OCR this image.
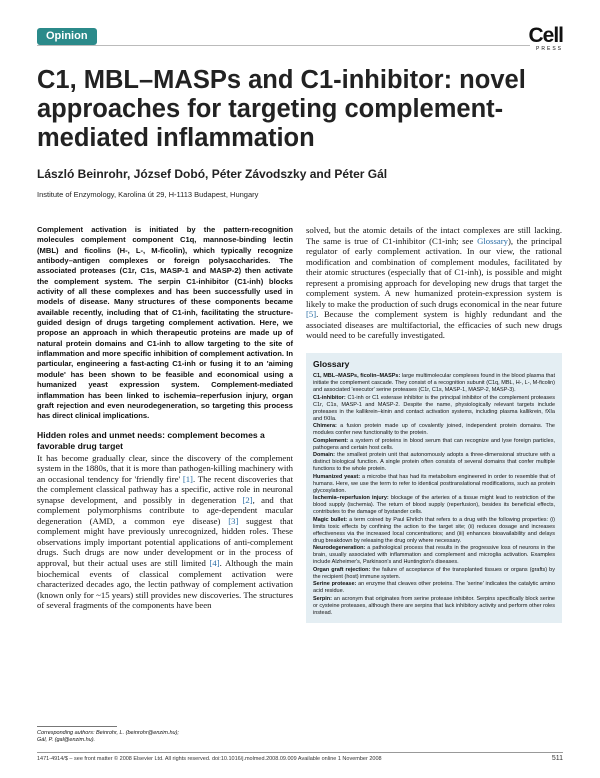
Opinion	Cell
PRESS
C1, MBL–MASPs and C1-inhibitor: novel approaches for targeting complement-mediated inflammation
László Beinrohr, József Dobó, Péter Závodszky and Péter Gál
Institute of Enzymology, Karolina út 29, H-1113 Budapest, Hungary

Complement activation is initiated by the pattern-recognition molecules complement component C1q, mannose-binding lectin (MBL) and ficolins (H-, L-, M-ficolin), which typically recognize antibody–antigen complexes or foreign polysaccharides. The associated proteases (C1r, C1s, MASP-1 and MASP-2) then activate the complement system. The serpin C1-inhibitor (C1-inh) blocks activity of all these complexes and has been successfully used in models of disease. Many structures of these components became available recently, including that of C1-inh, facilitating the structure-guided design of drugs targeting complement activation. Here, we propose an approach in which therapeutic proteins are made up of natural protein domains and C1-inh to allow targeting to the site of inflammation and more specific inhibition of complement activation. In particular, engineering a fast-acting C1-inh or fusing it to an 'aiming module' has been shown to be feasible and economical using a humanized yeast expression system. Complement-mediated inflammation has been linked to ischemia–reperfusion injury, organ graft rejection and even neurodegeneration, so targeting this process has direct clinical implications.

Hidden roles and unmet needs: complement becomes a favorable drug target

It has become gradually clear, since the discovery of the complement system in the 1880s, that it is more than pathogen-killing machinery with an occasional tendency for 'friendly fire' [1]. The recent discoveries that the complement classical pathway has a specific, active role in neuronal synapse development, and possibly in degeneration [2], and that complement polymorphisms contribute to age-dependent macular degeneration (AMD, a common eye disease) [3] suggest that complement might have previously unrecognized, hidden roles. These observations imply important potential applications of anti-complement drugs. Such drugs are now under development or in the process of approval, but their actual uses are still limited [4]. Although the main biochemical events of classical complement activation were characterized decades ago, the lectin pathway of complement activation (known only for ~15 years) still provides new discoveries. The structures of several fragments of the components have been

solved, but the atomic details of the intact complexes are still lacking. The same is true of C1-inhibitor (C1-inh; see Glossary), the principal regulator of early complement activation. In our view, the rational modification and combination of complement modules, facilitated by their atomic structures (especially that of C1-inh), is possible and might represent a promising approach for developing new drugs that target the complement system. A new humanized protein-expression system is likely to make the production of such drugs economical in the near future [5]. Because the complement system is highly redundant and the associated diseases are multifactorial, the efficacies of such new drugs would need to be carefully investigated.

Glossary

C1, MBL–MASPs, ficolin–MASPs: large multimolecular complexes found in the blood plasma that initiate the complement cascade. They consist of a recognition subunit (C1q, MBL, H-, L-, M-ficolin) and associated 'executor' serine proteases (C1r, C1s, MASP-1, MASP-2, MASP-3).

C1-inhibitor: C1-inh or C1 esterase inhibitor is the principal inhibitor of the complement proteases C1r, C1s, MASP-1 and MASP-2. Despite the name, physiologically relevant targets include proteases in the kallikrein–kinin and contact activation systems, including plasma kallikrein, fXIa and fXIIa.

Chimera: a fusion protein made up of covalently joined, independent protein domains. The modules confer new functionality to the protein.

Complement: a system of proteins in blood serum that can recognize and lyse foreign particles, pathogens and certain host cells.

Domain: the smallest protein unit that autonomously adopts a three-dimensional structure with a distinct biological function. A single protein often consists of several domains that confer multiple functions to the whole protein.

Humanized yeast: a microbe that has had its metabolism engineered in order to resemble that of humans. Here, we use the term to refer to identical posttranslational modifications, such as protein glycosylation.

Ischemia–reperfusion injury: blockage of the arteries of a tissue might lead to restriction of the blood supply (ischemia). The return of blood supply (reperfusion), besides its beneficial effects, contributes to the damage of bystander cells.

Magic bullet: a term coined by Paul Ehrlich that refers to a drug with the following properties: (i) limits toxic effects by confining the action to the target site; (ii) reduces dosage and increases effectiveness via the increased local concentrations; and (iii) enhances bioavailability and delays drug breakdown by releasing the drug only where necessary.

Neurodegeneration: a pathological process that results in the progressive loss of neurons in the brain, usually associated with inflammation and complement and microglia activation. Examples include Alzheimer's, Parkinson's and Huntington's diseases.

Organ graft rejection: the failure of acceptance of the transplanted tissues or organs (grafts) by the recipient (host) immune system.

Serine protease: an enzyme that cleaves other proteins. The 'serine' indicates the catalytic amino acid residue.

Serpin: an acronym that originates from serine protease inhibitor. Serpins specifically block serine or cysteine proteases, although there are serpins that lack inhibitory activity and perform other roles instead.

Corresponding authors: Beinrohr, L. (beinrohr@enzim.hu);
Gál, P. (gal@enzim.hu).
1471-4914/$ – see front matter © 2008 Elsevier Ltd. All rights reserved. doi:10.1016/j.molmed.2008.09.009 Available online 1 November 2008	511
